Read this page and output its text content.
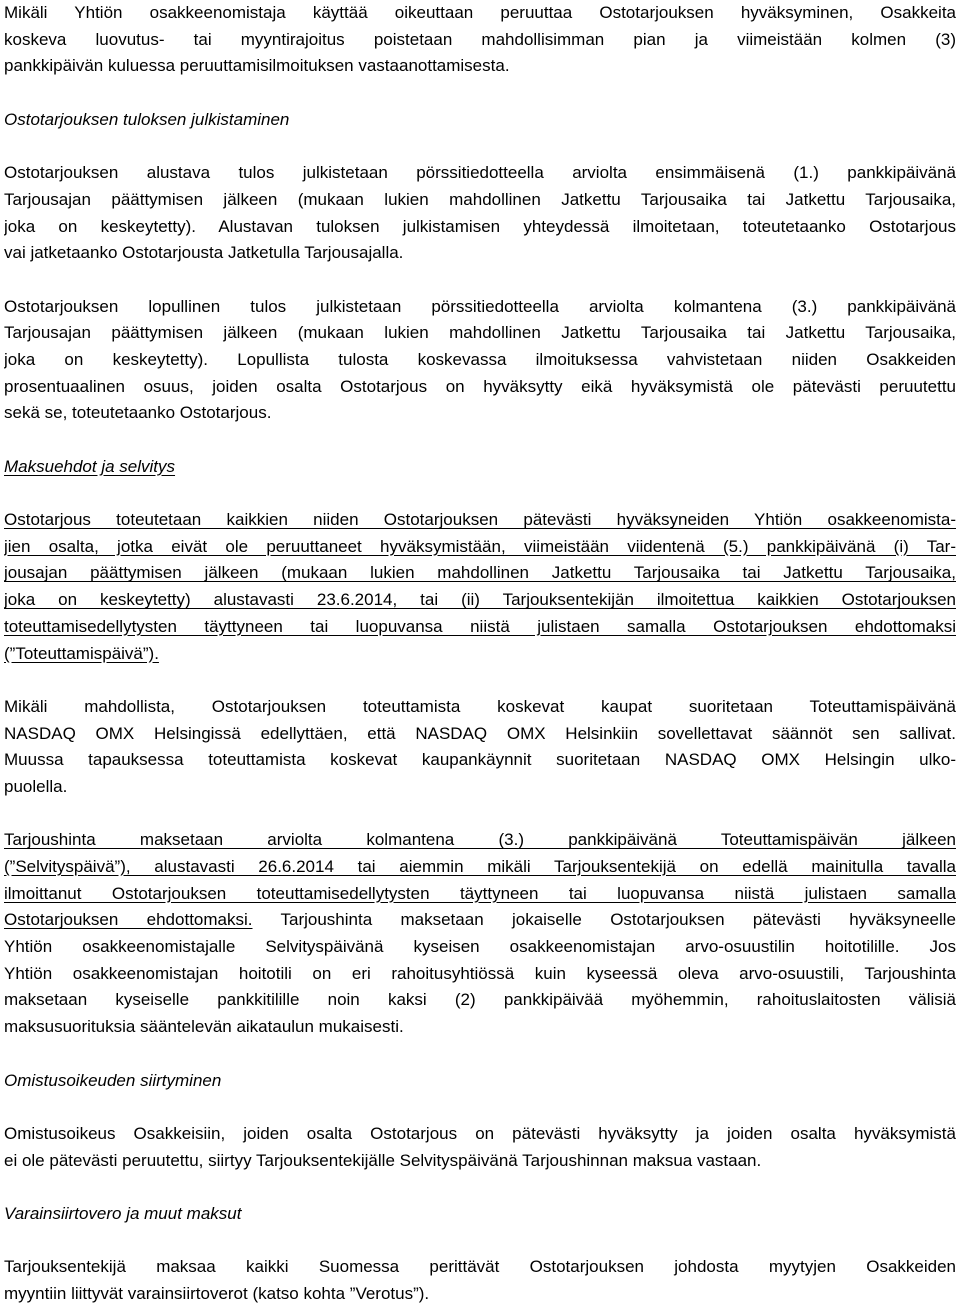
Mikäli Yhtiön osakkeenomistaja käyttää oikeuttaan peruuttaa Ostotarjouksen hyväksyminen, Osakkeita
koskeva luovutus- tai myyntirajoitus poistetaan mahdollisimman pian ja viimeistään kolmen (3)
pankkipäivän kuluessa peruuttamisilmoituksen vastaanottamisesta.
Ostotarjouksen tuloksen julkistaminen
Ostotarjouksen alustava tulos julkistetaan pörssitiedotteella arviolta ensimmäisenä (1.) pankkipäivänä
Tarjousajan päättymisen jälkeen (mukaan lukien mahdollinen Jatkettu Tarjousaika tai Jatkettu Tarjousaika,
joka on keskeytetty). Alustavan tuloksen julkistamisen yhteydessä ilmoitetaan, toteutetaanko Ostotarjous
vai jatketaanko Ostotarjousta Jatketulla Tarjousajalla.
Ostotarjouksen lopullinen tulos julkistetaan pörssitiedotteella arviolta kolmantena (3.) pankkipäivänä
Tarjousajan päättymisen jälkeen (mukaan lukien mahdollinen Jatkettu Tarjousaika tai Jatkettu Tarjousaika,
joka on keskeytetty). Lopullista tulosta koskevassa ilmoituksessa vahvistetaan niiden Osakkeiden
prosentuaalinen osuus, joiden osalta Ostotarjous on hyväksytty eikä hyväksymistä ole pätevästi peruutettu
sekä se, toteutetaanko Ostotarjous.
Maksuehdot ja selvitys
Ostotarjous toteutetaan kaikkien niiden Ostotarjouksen pätevästi hyväksyneiden Yhtiön osakkeenomista-
jien osalta, jotka eivät ole peruuttaneet hyväksymistään, viimeistään viidentenä (5.) pankkipäivänä (i) Tar-
jousajan päättymisen jälkeen (mukaan lukien mahdollinen Jatkettu Tarjousaika tai Jatkettu Tarjousaika,
joka on keskeytetty) alustavasti 23.6.2014, tai (ii) Tarjouksentekijän ilmoitettua kaikkien Ostotarjouksen
toteuttamisedellytysten täyttyneen tai luopuvansa niistä julistaen samalla Ostotarjouksen ehdottomaksi
(”Toteuttamispäivä”).
Mikäli mahdollista, Ostotarjouksen toteuttamista koskevat kaupat suoritetaan Toteuttamispäivänä
NASDAQ OMX Helsingissä edellyttäen, että NASDAQ OMX Helsinkiin sovellettavat säännöt sen sallivat.
Muussa tapauksessa toteuttamista koskevat kaupankäynnit suoritetaan NASDAQ OMX Helsingin ulko-
puolella.
Tarjoushinta maksetaan arviolta kolmantena (3.) pankkipäivänä Toteuttamispäivän jälkeen
(”Selvityspäivä”), alustavasti 26.6.2014 tai aiemmin mikäli Tarjouksentekijä on edellä mainitulla tavalla
ilmoittanut Ostotarjouksen toteuttamisedellytysten täyttyneen tai luopuvansa niistä julistaen samalla
Ostotarjouksen ehdottomaksi. Tarjoushinta maksetaan jokaiselle Ostotarjouksen pätevästi hyväksyneelle
Yhtiön osakkeenomistajalle Selvityspäivänä kyseisen osakkeenomistajan arvo-osuustilin hoitotilille. Jos
Yhtiön osakkeenomistajan hoitotili on eri rahoitusyhtiössä kuin kyseessä oleva arvo-osuustili, Tarjoushinta
maksetaan kyseiselle pankkitilille noin kaksi (2) pankkipäivää myöhemmin, rahoituslaitosten välisiä
maksusuorituksia sääntelevän aikataulun mukaisesti.
Omistusoikeuden siirtyminen
Omistusoikeus Osakkeisiin, joiden osalta Ostotarjous on pätevästi hyväksytty ja joiden osalta hyväksymistä
ei ole pätevästi peruutettu, siirtyy Tarjouksentekijälle Selvityspäivänä Tarjoushinnan maksua vastaan.
Varainsiirtovero ja muut maksut
Tarjouksentekijä maksaa kaikki Suomessa perittävät Ostotarjouksen johdosta myytyjen Osakkeiden
myyntiin liittyvät varainsiirtoverot (katso kohta ”Verotus”).
